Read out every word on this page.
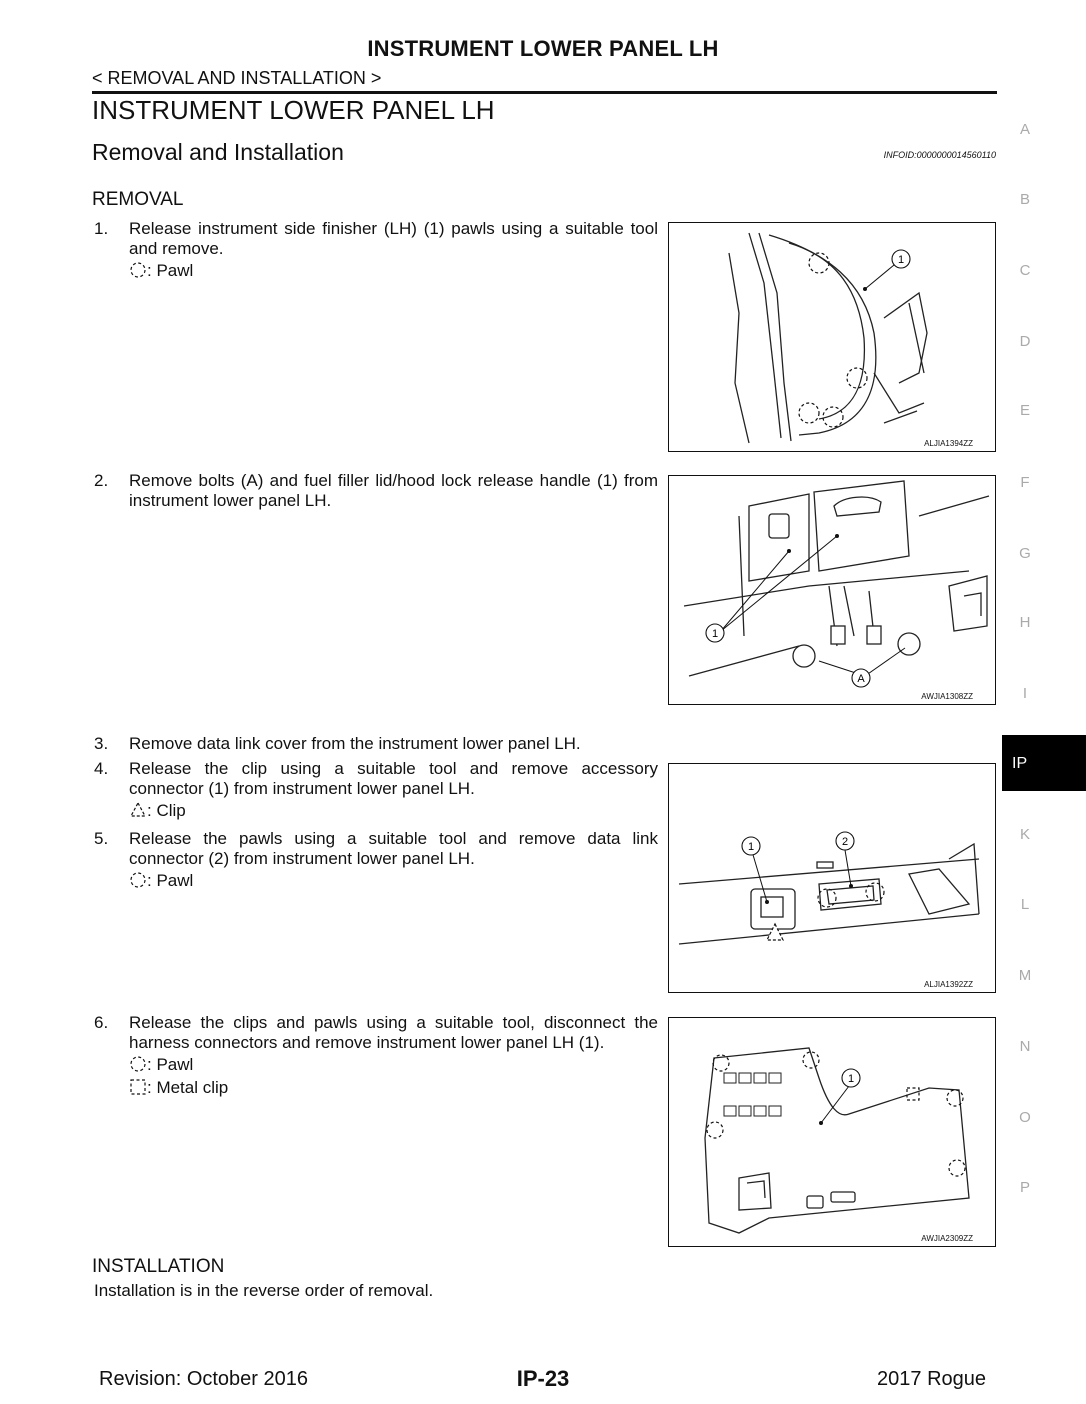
INSTRUMENT LOWER PANEL LH
< REMOVAL AND INSTALLATION >
INSTRUMENT LOWER PANEL LH
Removal and Installation	INFOID:0000000014560110
REMOVAL
1. Release instrument side finisher (LH) (1) pawls using a suitable tool and remove.
: Pawl
2. Remove bolts (A) and fuel filler lid/hood lock release handle (1) from instrument lower panel LH.
3. Remove data link cover from the instrument lower panel LH.
4. Release the clip using a suitable tool and remove accessory connector (1) from instrument lower panel LH.
: Clip
5. Release the pawls using a suitable tool and remove data link connector (2) from instrument lower panel LH.
: Pawl
6. Release the clips and pawls using a suitable tool, disconnect the harness connectors and remove instrument lower panel LH (1).
: Pawl
: Metal clip
1
ALJIA1394ZZ
1
A
AWJIA1308ZZ
1	2
ALJIA1392ZZ
1
AWJIA2309ZZ
INSTALLATION
Installation is in the reverse order of removal.
A
B
C
D
E
F
G
H
I
IP
K
L
M
N
O
P
Revision: October 2016	IP-23	2017 Rogue
